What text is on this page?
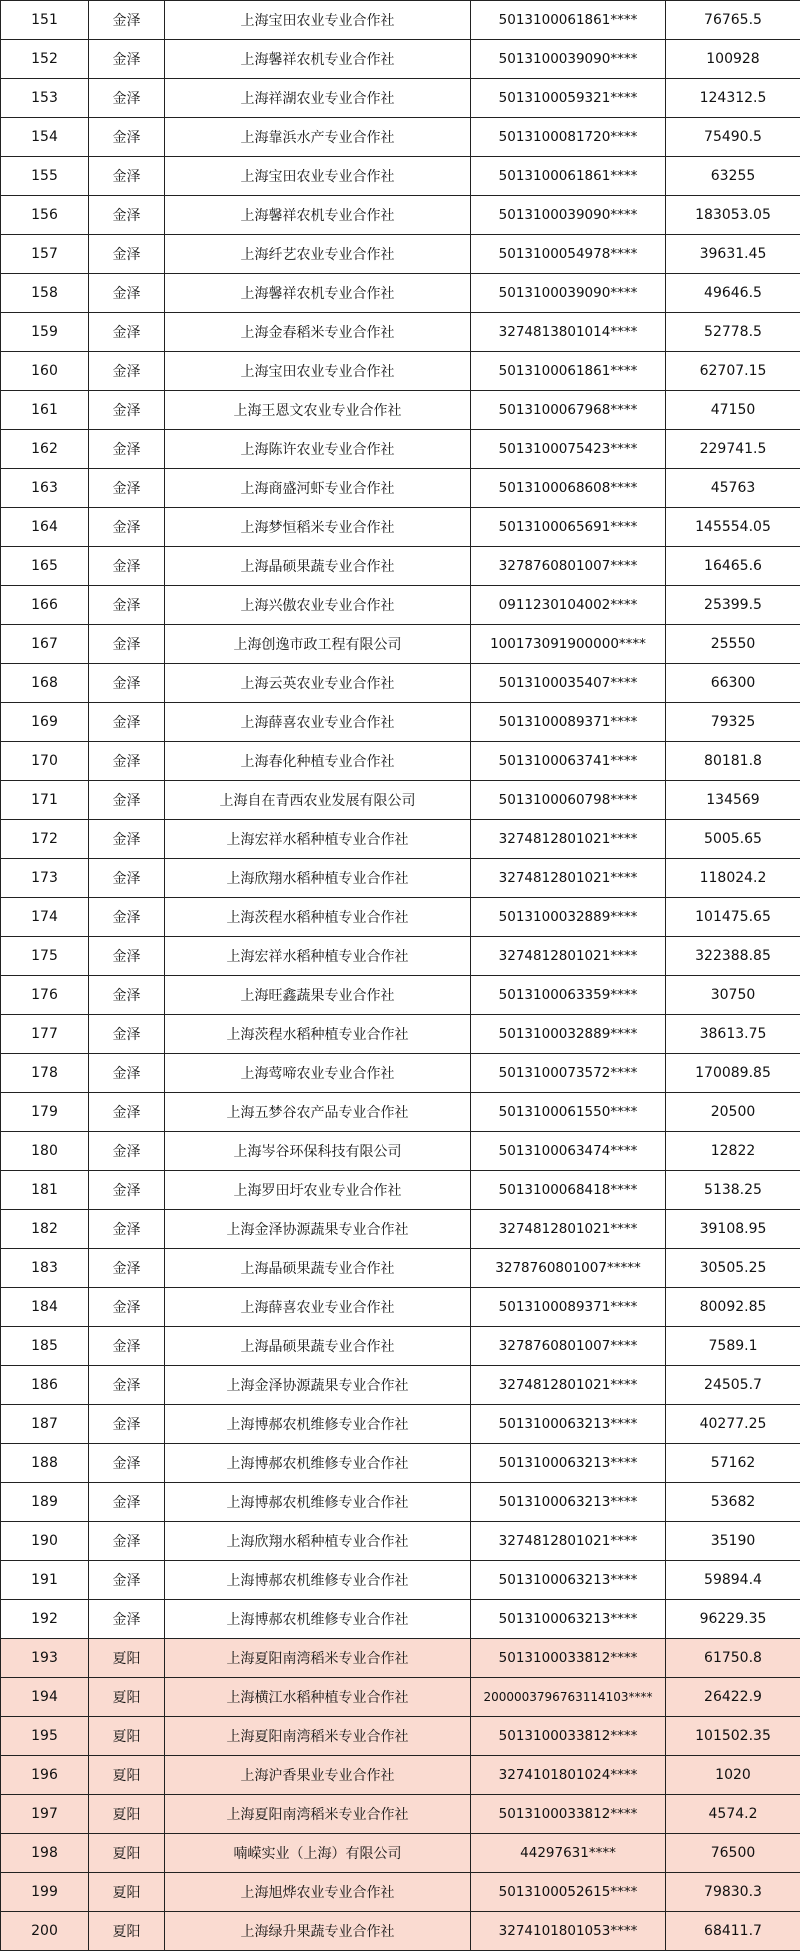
151	金泽	上海宝田农业专业合作社	5013100061861****	76765.5
152	金泽	上海馨祥农机专业合作社	5013100039090****	100928
153	金泽	上海祥湖农业专业合作社	5013100059321****	124312.5
154	金泽	上海靠浜水产专业合作社	5013100081720****	75490.5
155	金泽	上海宝田农业专业合作社	5013100061861****	63255
156	金泽	上海馨祥农机专业合作社	5013100039090****	183053.05
157	金泽	上海纤艺农业专业合作社	5013100054978****	39631.45
158	金泽	上海馨祥农机专业合作社	5013100039090****	49646.5
159	金泽	上海金春稻米专业合作社	3274813801014****	52778.5
160	金泽	上海宝田农业专业合作社	5013100061861****	62707.15
161	金泽	上海王恩文农业专业合作社	5013100067968****	47150
162	金泽	上海陈许农业专业合作社	5013100075423****	229741.5
163	金泽	上海商盛河虾专业合作社	5013100068608****	45763
164	金泽	上海梦恒稻米专业合作社	5013100065691****	145554.05
165	金泽	上海晶硕果蔬专业合作社	3278760801007****	16465.6
166	金泽	上海兴傲农业专业合作社	0911230104002****	25399.5
167	金泽	上海创逸市政工程有限公司	100173091900000****	25550
168	金泽	上海云英农业专业合作社	5013100035407****	66300
169	金泽	上海薛喜农业专业合作社	5013100089371****	79325
170	金泽	上海春化种植专业合作社	5013100063741****	80181.8
171	金泽	上海自在青西农业发展有限公司	5013100060798****	134569
172	金泽	上海宏祥水稻种植专业合作社	3274812801021****	5005.65
173	金泽	上海欣翔水稻种植专业合作社	3274812801021****	118024.2
174	金泽	上海茨程水稻种植专业合作社	5013100032889****	101475.65
175	金泽	上海宏祥水稻种植专业合作社	3274812801021****	322388.85
176	金泽	上海旺鑫蔬果专业合作社	5013100063359****	30750
177	金泽	上海茨程水稻种植专业合作社	5013100032889****	38613.75
178	金泽	上海莺啼农业专业合作社	5013100073572****	170089.85
179	金泽	上海五梦谷农产品专业合作社	5013100061550****	20500
180	金泽	上海岑谷环保科技有限公司	5013100063474****	12822
181	金泽	上海罗田圩农业专业合作社	5013100068418****	5138.25
182	金泽	上海金泽协源蔬果专业合作社	3274812801021****	39108.95
183	金泽	上海晶硕果蔬专业合作社	3278760801007*****	30505.25
184	金泽	上海薛喜农业专业合作社	5013100089371****	80092.85
185	金泽	上海晶硕果蔬专业合作社	3278760801007****	7589.1
186	金泽	上海金泽协源蔬果专业合作社	3274812801021****	24505.7
187	金泽	上海博郝农机维修专业合作社	5013100063213****	40277.25
188	金泽	上海博郝农机维修专业合作社	5013100063213****	57162
189	金泽	上海博郝农机维修专业合作社	5013100063213****	53682
190	金泽	上海欣翔水稻种植专业合作社	3274812801021****	35190
191	金泽	上海博郝农机维修专业合作社	5013100063213****	59894.4
192	金泽	上海博郝农机维修专业合作社	5013100063213****	96229.35
193	夏阳	上海夏阳南湾稻米专业合作社	5013100033812****	61750.8
194	夏阳	上海横江水稻种植专业合作社	2000003796763114103****	26422.9
195	夏阳	上海夏阳南湾稻米专业合作社	5013100033812****	101502.35
196	夏阳	上海沪香果业专业合作社	3274101801024****	1020
197	夏阳	上海夏阳南湾稻米专业合作社	5013100033812****	4574.2
198	夏阳	喃嵘实业（上海）有限公司	44297631****	76500
199	夏阳	上海旭烨农业专业合作社	5013100052615****	79830.3
200	夏阳	上海绿升果蔬专业合作社	3274101801053****	68411.7
